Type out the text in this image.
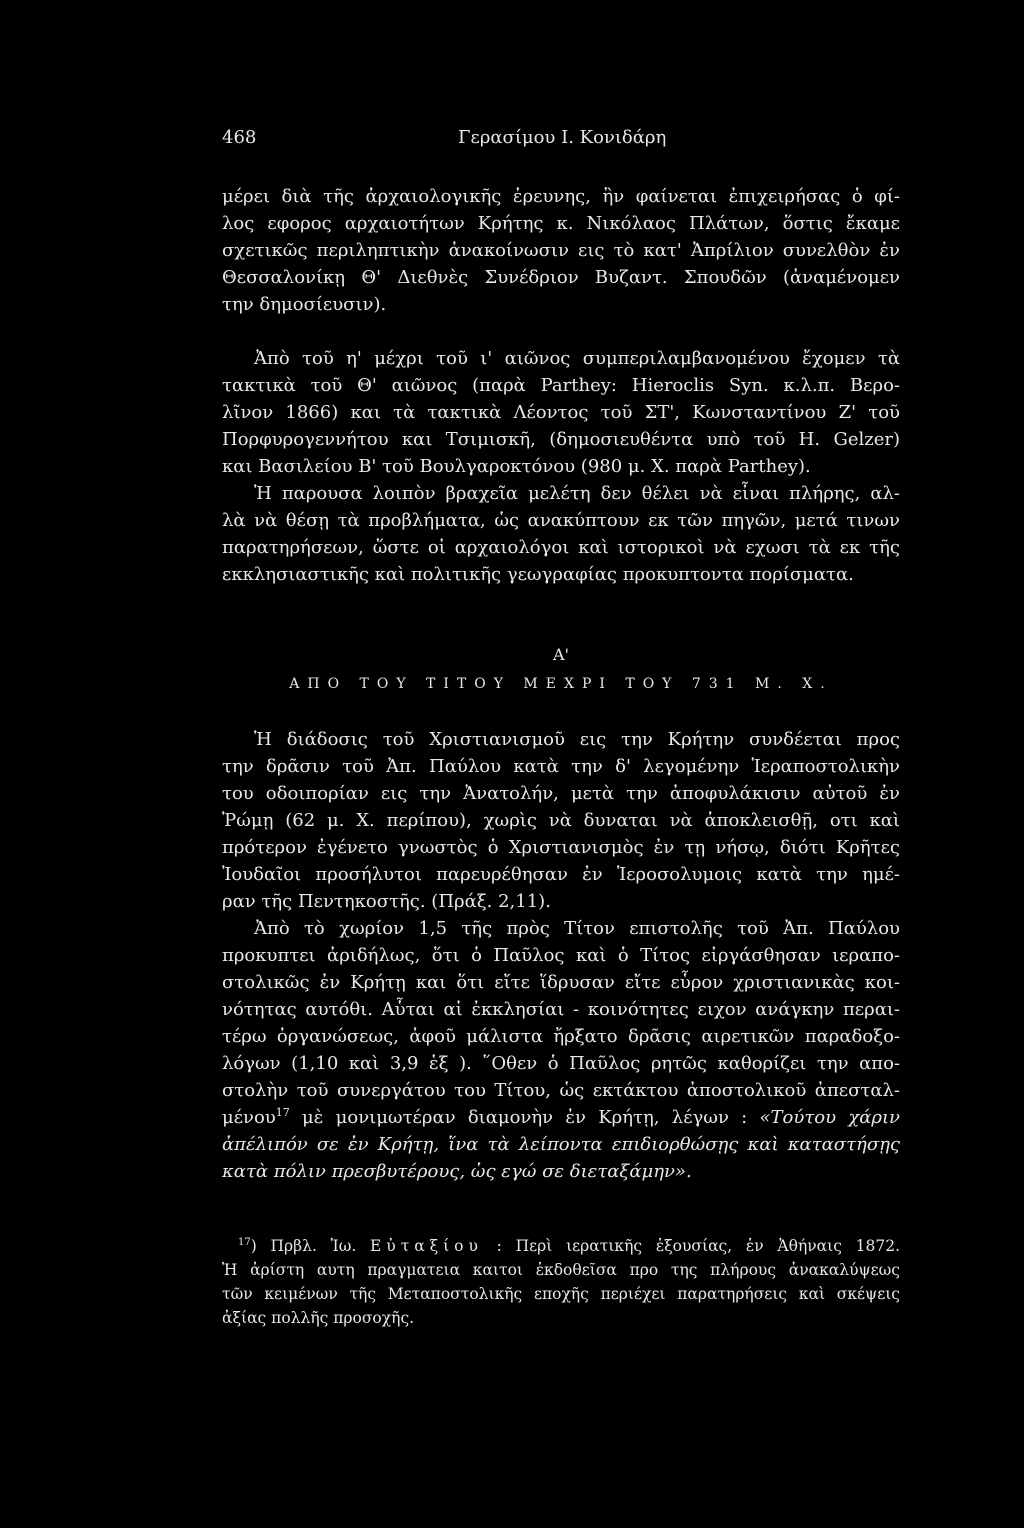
468	Γερασίμου Ι. Κονιδάρη
μέρει διὰ τῆς ἀρχαιολογικῆς ἐρευνης, ἣν φαίνεται ἐπιχειρήσας ὁ φί-
λος εφορος αρχαιοτήτων Κρήτης κ. Νικόλαος Πλάτων, ὅστις ἔκαμε
σχετικῶς περιληπτικὴν ἀνακοίνωσιν εις τὸ κατ' Ἀπρίλιον συνελθὸν ἐν
Θεσσαλονίκῃ Θ' Διεθνὲς Συνέδριον Βυζαντ. Σπουδῶν (ἀναμένομεν
την δημοσίευσιν).
Ἀπὸ τοῦ η' μέχρι τοῦ ι' αιῶνος συμπεριλαμβανομένου ἔχομεν τὰ
τακτικὰ τοῦ Θ' αιῶνος (παρὰ Parthey: Hieroclis Syn. κ.λ.π. Βερο-
λῖνον 1866) και τὰ τακτικὰ Λέοντος τοῦ ΣΤ', Κωνσταντίνου Ζ' τοῦ
Πορφυρογεννήτου και Τσιμισκῆ, (δημοσιευθέντα υπὸ τοῦ H. Gelzer)
και Βασιλείου Β' τοῦ Βουλγαροκτόνου (980 μ. Χ. παρὰ Parthey).
Ἡ παρουσα λοιπὸν βραχεῖα μελέτη δεν θέλει νὰ εἶναι πλήρης, αλ-
λὰ νὰ θέσῃ τὰ προβλήματα, ὡς ανακύπτουν εκ τῶν πηγῶν, μετά τινων
παρατηρήσεων, ὥστε οἱ αρχαιολόγοι καὶ ιστορικοὶ νὰ εχωσι τὰ εκ τῆς
εκκλησιαστικῆς καὶ πολιτικῆς γεωγραφίας προκυπτοντα πορίσματα.
Α'
ΑΠΟ ΤΟΥ ΤΙΤΟΥ ΜΕΧΡΙ ΤΟΥ 731 Μ. Χ.
Ἡ διάδοσις τοῦ Χριστιανισμοῦ εις την Κρήτην συνδέεται προς
την δρᾶσιν τοῦ Ἀπ. Παύλου κατὰ την δ' λεγομένην Ἱεραποστολικὴν
του οδοιπορίαν εις την Ἀνατολήν, μετὰ την ἀποφυλάκισιν αὐτοῦ ἐν
Ῥώμῃ (62 μ. Χ. περίπου), χωρὶς νὰ δυναται νὰ ἀποκλεισθῇ, οτι καὶ
πρότερον ἐγένετο γνωστὸς ὁ Χριστιανισμὸς ἐν τῃ νήσῳ, διότι Κρῆτες
Ἰουδαῖοι προσήλυτοι παρευρέθησαν ἐν Ἱεροσολυμοις κατὰ την ημέ-
ραν τῆς Πεντηκοστῆς. (Πράξ. 2,11).
Ἀπὸ τὸ χωρίον 1,5 τῆς πρὸς Τίτον επιστολῆς τοῦ Ἀπ. Παύλου
προκυπτει ἀριδήλως, ὅτι ὁ Παῦλος καὶ ὁ Τίτος εἰργάσθησαν ιεραπο-
στολικῶς ἐν Κρήτῃ και ὅτι εἴτε ἵδρυσαν εἴτε εὗρον χριστιανικὰς κοι-
νότητας αυτόθι. Αὗται αἱ ἐκκλησίαι - κοινότητες ειχον ανάγκην περαι-
τέρω ὀργανώσεως, ἀφοῦ μάλιστα ἤρξατο δρᾶσις αιρετικῶν παραδοξο-
λόγων (1,10 καὶ 3,9 ἑξ ). ῞Οθεν ὁ Παῦλος ρητῶς καθορίζει την απο-
στολὴν τοῦ συνεργάτου του Τίτου, ὡς εκτάκτου ἀποστολικοῦ ἀπεσταλ-
μένου$^{17}$ μὲ μονιμωτέραν διαμονὴν ἐν Κρήτῃ, λέγων : «Τούτου χάριν
ἀπέλιπόν σε ἐν Κρήτῃ, ἵνα τὰ λείποντα επιδιορθώσῃς καὶ καταστήσῃς
κατὰ πόλιν πρεσβυτέρους, ὡς εγώ σε διεταξάμην».
$^{17}$) Πρβλ. Ἰω. Εὐταξίου : Περὶ ιερατικῆς ἐξουσίας, ἐν Ἀθήναις 1872.
Ἡ ἀρίστη αυτη πραγματεια καιτοι ἐκδοθεῖσα προ της πλήρους ἀνακαλύψεως
τῶν κειμένων τῆς Μεταποστολικῆς εποχῆς περιέχει παρατηρήσεις καὶ σκέψεις
ἀξίας πολλῆς προσοχῆς.
